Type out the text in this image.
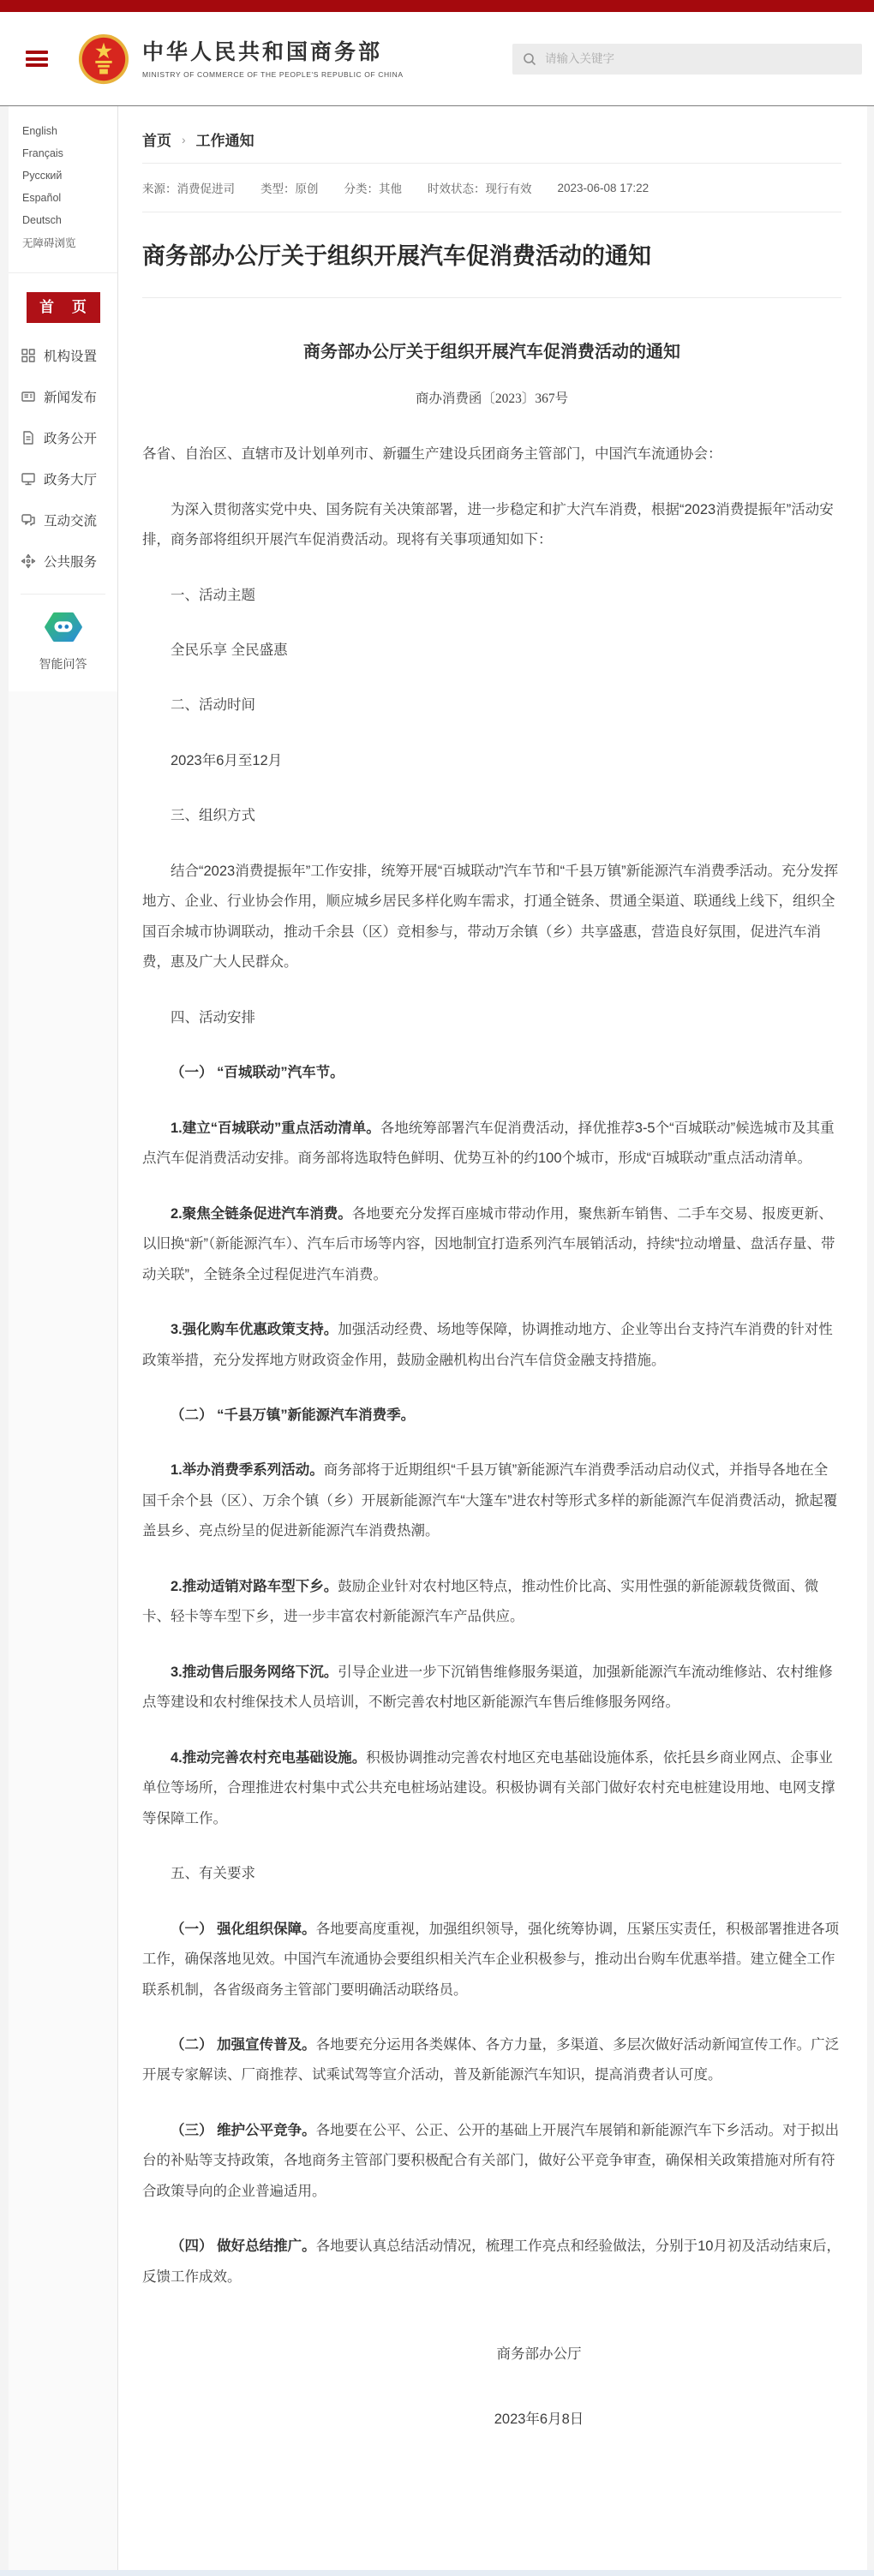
中华人民共和国商务部
MINISTRY OF COMMERCE OF THE PEOPLE'S REPUBLIC OF CHINA
请输入关键字
EnglishFrançaisРусскийEspañolDeutsch无障碍浏览
首 页
机构设置
新闻发布
政务公开
政务大厅
互动交流
公共服务
智能问答
首页 › 工作通知
来源：消费促进司 类型：原创 分类：其他 时效状态：现行有效 2023-06-08 17:22
商务部办公厅关于组织开展汽车促消费活动的通知
商务部办公厅关于组织开展汽车促消费活动的通知
商办消费函〔2023〕367号

各省、自治区、直辖市及计划单列市、新疆生产建设兵团商务主管部门，中国汽车流通协会：

为深入贯彻落实党中央、国务院有关决策部署，进一步稳定和扩大汽车消费，根据“2023消费提振年”活动安排，商务部将组织开展汽车促消费活动。现将有关事项通知如下：

一、活动主题

全民乐享 全民盛惠

二、活动时间

2023年6月至12月

三、组织方式

结合“2023消费提振年”工作安排，统筹开展“百城联动”汽车节和“千县万镇”新能源汽车消费季活动。充分发挥地方、企业、行业协会作用，顺应城乡居民多样化购车需求，打通全链条、贯通全渠道、联通线上线下，组织全国百余城市协调联动，推动千余县（区）竞相参与，带动万余镇（乡）共享盛惠，营造良好氛围，促进汽车消费，惠及广大人民群众。

四、活动安排

（一） “百城联动”汽车节。

1.建立“百城联动”重点活动清单。各地统筹部署汽车促消费活动，择优推荐3-5个“百城联动”候选城市及其重点汽车促消费活动安排。商务部将选取特色鲜明、优势互补的约100个城市，形成“百城联动”重点活动清单。

2.聚焦全链条促进汽车消费。各地要充分发挥百座城市带动作用，聚焦新车销售、二手车交易、报废更新、以旧换“新”（新能源汽车）、汽车后市场等内容，因地制宜打造系列汽车展销活动，持续“拉动增量、盘活存量、带动关联”，全链条全过程促进汽车消费。

3.强化购车优惠政策支持。加强活动经费、场地等保障，协调推动地方、企业等出台支持汽车消费的针对性政策举措，充分发挥地方财政资金作用，鼓励金融机构出台汽车信贷金融支持措施。

（二） “千县万镇”新能源汽车消费季。

1.举办消费季系列活动。商务部将于近期组织“千县万镇”新能源汽车消费季活动启动仪式，并指导各地在全国千余个县（区）、万余个镇（乡）开展新能源汽车“大篷车”进农村等形式多样的新能源汽车促消费活动，掀起覆盖县乡、亮点纷呈的促进新能源汽车消费热潮。

2.推动适销对路车型下乡。鼓励企业针对农村地区特点，推动性价比高、实用性强的新能源载货微面、微卡、轻卡等车型下乡，进一步丰富农村新能源汽车产品供应。

3.推动售后服务网络下沉。引导企业进一步下沉销售维修服务渠道，加强新能源汽车流动维修站、农村维修点等建设和农村维保技术人员培训，不断完善农村地区新能源汽车售后维修服务网络。

4.推动完善农村充电基础设施。积极协调推动完善农村地区充电基础设施体系，依托县乡商业网点、企事业单位等场所，合理推进农村集中式公共充电桩场站建设。积极协调有关部门做好农村充电桩建设用地、电网支撑等保障工作。

五、有关要求

（一） 强化组织保障。各地要高度重视，加强组织领导，强化统筹协调，压紧压实责任，积极部署推进各项工作，确保落地见效。中国汽车流通协会要组织相关汽车企业积极参与，推动出台购车优惠举措。建立健全工作联系机制，各省级商务主管部门要明确活动联络员。

（二） 加强宣传普及。各地要充分运用各类媒体、各方力量，多渠道、多层次做好活动新闻宣传工作。广泛开展专家解读、厂商推荐、试乘试驾等宣介活动，普及新能源汽车知识，提高消费者认可度。

（三） 维护公平竞争。各地要在公平、公正、公开的基础上开展汽车展销和新能源汽车下乡活动。对于拟出台的补贴等支持政策，各地商务主管部门要积极配合有关部门，做好公平竞争审查，确保相关政策措施对所有符合政策导向的企业普遍适用。

（四） 做好总结推广。各地要认真总结活动情况，梳理工作亮点和经验做法，分别于10月初及活动结束后，反馈工作成效。

商务部办公厅
2023年6月8日
